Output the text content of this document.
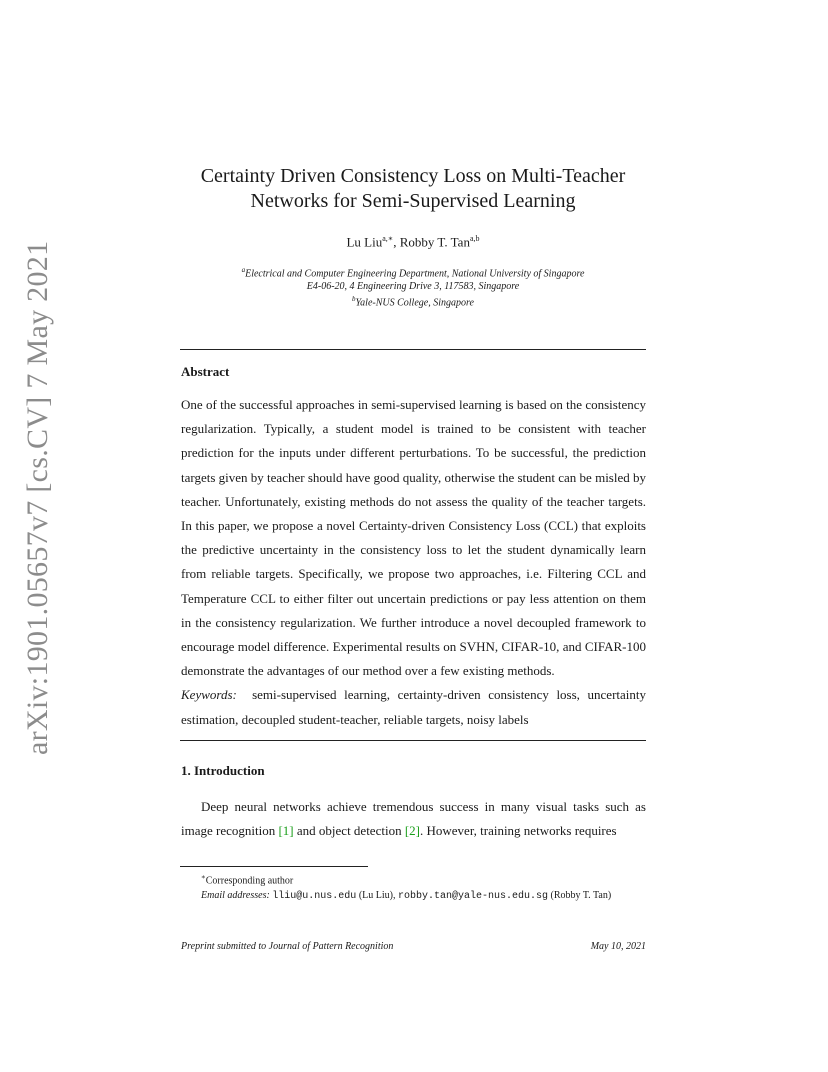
arXiv:1901.05657v7 [cs.CV] 7 May 2021
Certainty Driven Consistency Loss on Multi-Teacher
Networks for Semi-Supervised Learning
Lu Liu$^{a,∗}$, Robby T. Tan$^{a,b}$
$^a$Electrical and Computer Engineering Department, National University of Singapore
E4-06-20, 4 Engineering Drive 3, 117583, Singapore
$^b$Yale-NUS College, Singapore
Abstract
One of the successful approaches in semi-supervised learning is based on the consistency regularization. Typically, a student model is trained to be consistent with teacher prediction for the inputs under different perturbations. To be successful, the prediction targets given by teacher should have good quality, otherwise the student can be misled by teacher. Unfortunately, existing methods do not assess the quality of the teacher targets. In this paper, we propose a novel Certainty-driven Consistency Loss (CCL) that exploits the predictive uncertainty in the consistency loss to let the student dynamically learn from reliable targets. Specifically, we propose two approaches, i.e. Filtering CCL and Temperature CCL to either filter out uncertain predictions or pay less attention on them in the consistency regularization. We further introduce a novel decoupled framework to encourage model difference. Experimental results on SVHN, CIFAR-10, and CIFAR-100 demonstrate the advantages of our method over a few existing methods.
Keywords: semi-supervised learning, certainty-driven consistency loss, uncertainty estimation, decoupled student-teacher, reliable targets, noisy labels
1. Introduction
Deep neural networks achieve tremendous success in many visual tasks such as image recognition [1] and object detection [2]. However, training networks requires
∗Corresponding author
Email addresses: lliu@u.nus.edu (Lu Liu), robby.tan@yale-nus.edu.sg (Robby T. Tan)
Preprint submitted to Journal of Pattern Recognition	May 10, 2021
